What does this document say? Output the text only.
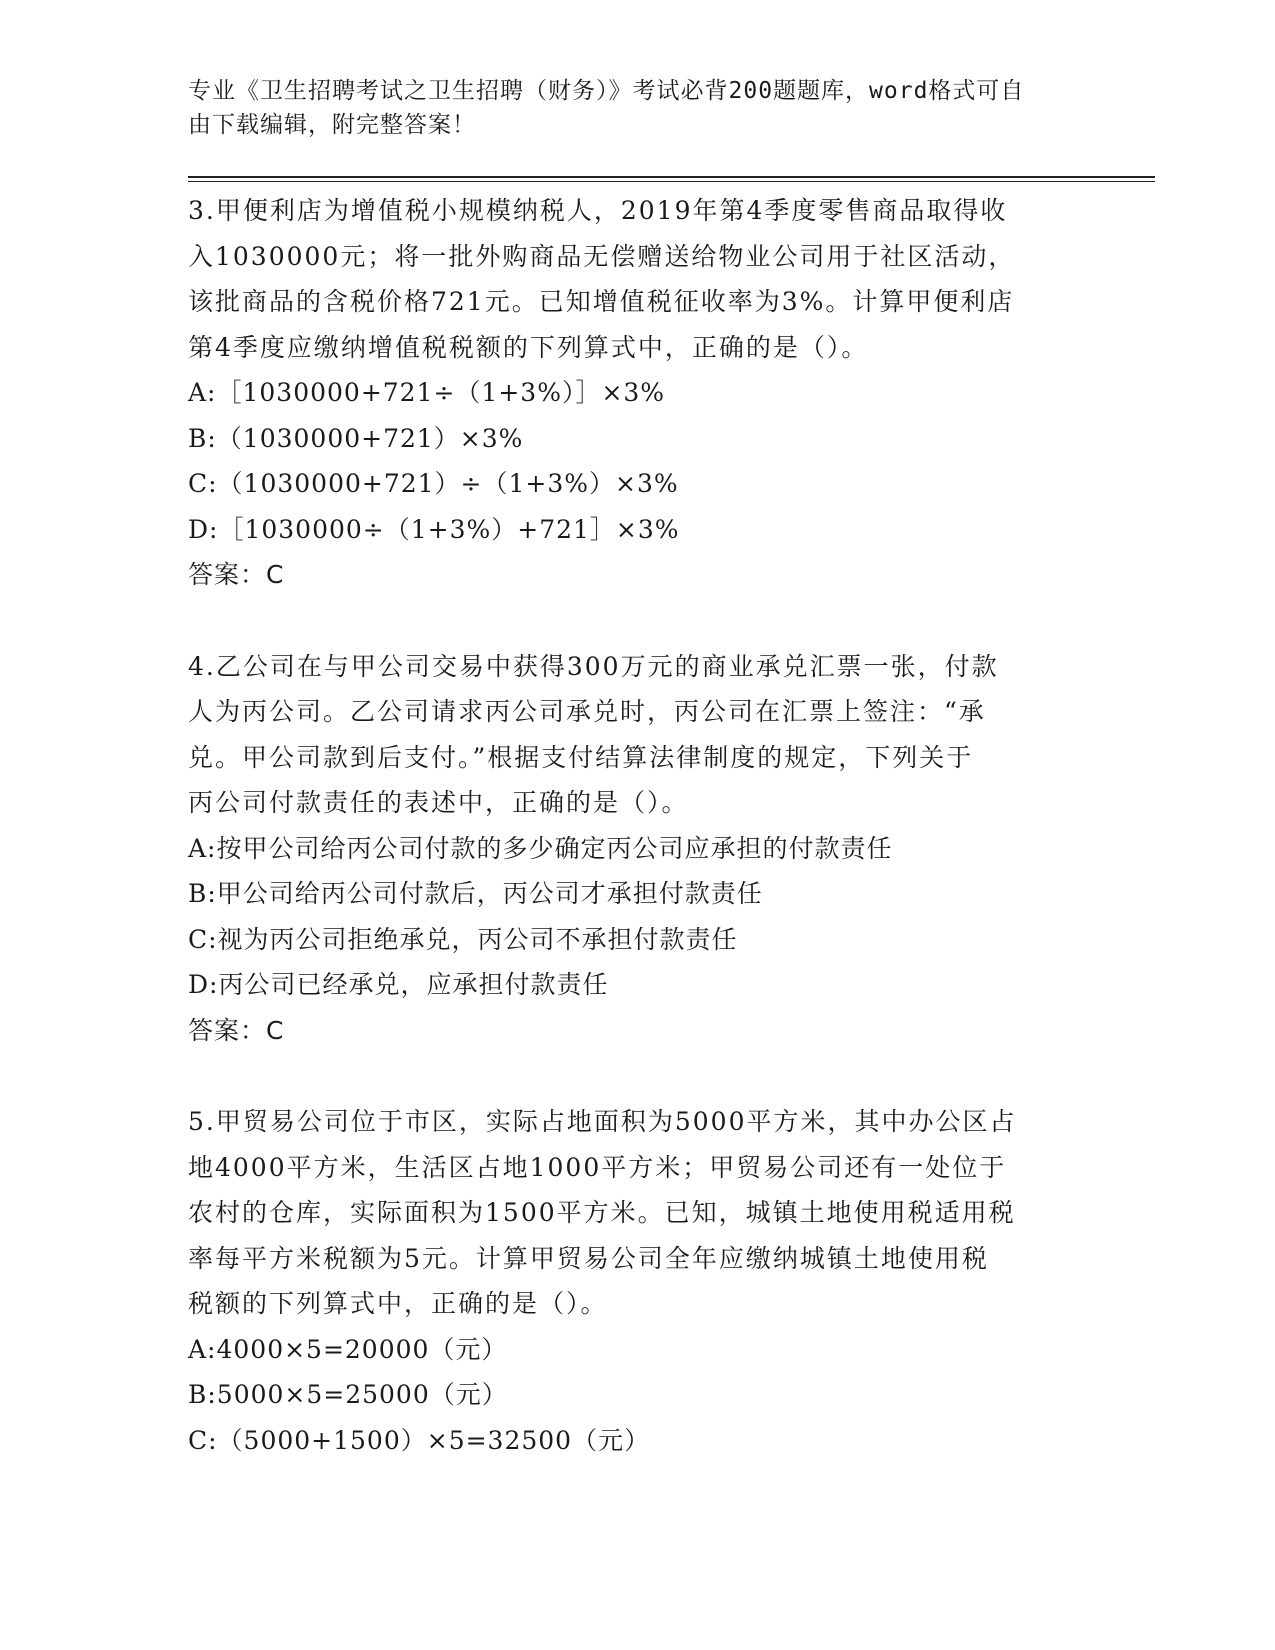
专业《卫生招聘考试之卫生招聘（财务）》考试必背200题题库，word格式可自
由下载编辑，附完整答案！

3.甲便利店为增值税小规模纳税人，2019年第4季度零售商品取得收

入1030000元；将一批外购商品无偿赠送给物业公司用于社区活动，

该批商品的含税价格721元。已知增值税征收率为3%。计算甲便利店

第4季度应缴纳增值税税额的下列算式中，正确的是（）。

A:［1030000+721÷（1+3%）］×3%

B:（1030000+721）×3%

C:（1030000+721）÷（1+3%）×3%

D:［1030000÷（1+3%）+721］×3%

答案：C

4.乙公司在与甲公司交易中获得300万元的商业承兑汇票一张，付款

人为丙公司。乙公司请求丙公司承兑时，丙公司在汇票上签注：“承

兑。甲公司款到后支付。”根据支付结算法律制度的规定，下列关于

丙公司付款责任的表述中，正确的是（）。

A:按甲公司给丙公司付款的多少确定丙公司应承担的付款责任

B:甲公司给丙公司付款后，丙公司才承担付款责任

C:视为丙公司拒绝承兑，丙公司不承担付款责任

D:丙公司已经承兑，应承担付款责任

答案：C

5.甲贸易公司位于市区，实际占地面积为5000平方米，其中办公区占

地4000平方米，生活区占地1000平方米；甲贸易公司还有一处位于

农村的仓库，实际面积为1500平方米。已知，城镇土地使用税适用税

率每平方米税额为5元。计算甲贸易公司全年应缴纳城镇土地使用税

税额的下列算式中，正确的是（）。

A:4000×5=20000（元）

B:5000×5=25000（元）

C:（5000+1500）×5=32500（元）
